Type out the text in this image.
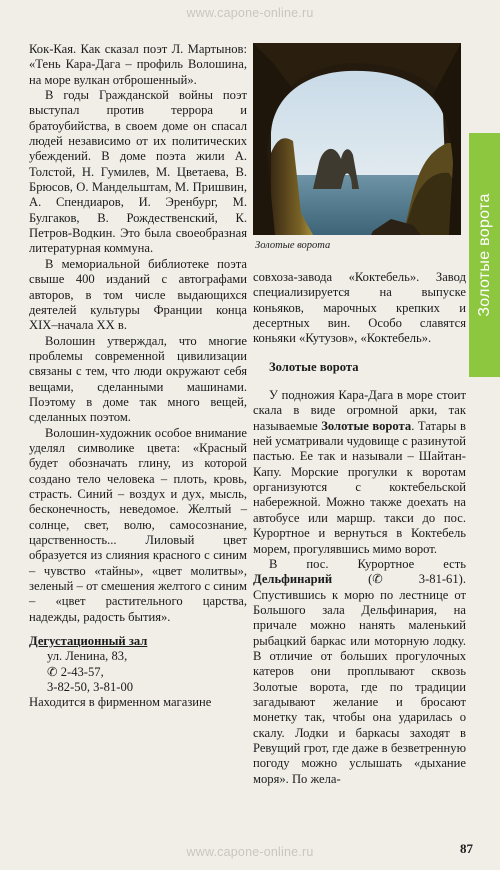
www.capone-online.ru
Золотые ворота	Золотые ворота

Кок-Кая. Как сказал поэт Л. Мартынов: «Тень Кара-Дага – профиль Волошина, на море вулкан отброшенный».

В годы Гражданской войны поэт выступал против террора и братоубийства, в своем доме он спасал людей независимо от их политических убеждений. В доме поэта жили А. Толстой, Н. Гумилев, М. Цветаева, В. Брюсов, О. Мандельштам, М. Пришвин, А. Спендиаров, И. Эренбург, М. Булгаков, В. Рождественский, К. Петров-Водкин. Это была своеобразная литературная коммуна.

В мемориальной библиотеке поэта свыше 400 изданий с автографами авторов, в том числе выдающихся деятелей культуры Франции конца XIX–начала XX в.

Волошин утверждал, что многие проблемы современной цивилизации связаны с тем, что люди окружают себя вещами, сделанными машинами. Поэтому в доме так много вещей, сделанных поэтом.

Волошин-художник особое внимание уделял символике цвета: «Красный будет обозначать глину, из которой создано тело человека – плоть, кровь, страсть. Синий – воздух и дух, мысль, бесконечность, неведомое. Желтый – солнце, свет, волю, самосознание, царственность... Лиловый цвет образуется из слияния красного с синим – чувство «тайны», «цвет молитвы», зеленый – от смешения желтого с синим – «цвет растительного царства, надежды, радость бытия».

Дегустационный зал

ул. Ленина, 83,

✆ 2-43-57,

3-82-50, 3-81-00

Находится в фирменном магазине

совхоза-завода «Коктебель». Завод специализируется на выпуске коньяков, марочных крепких и десертных вин. Особо славятся коньяки «Кутузов», «Коктебель».

Золотые ворота

У подножия Кара-Дага в море стоит скала в виде огромной арки, так называемые Золотые ворота. Татары в ней усматривали чудовище с разинутой пастью. Ее так и называли – Шайтан-Капу. Морские прогулки к воротам организуются с коктебельской набережной. Можно также доехать на автобусе или маршр. такси до пос. Курортное и вернуться в Коктебель морем, прогулявшись мимо ворот.

В пос. Курортное есть Дельфинарий (✆ 3-81-61). Спустившись к морю по лестнице от Большого зала Дельфинария, на причале можно нанять маленький рыбацкий баркас или моторную лодку. В отличие от больших прогулочных катеров они проплывают сквозь Золотые ворота, где по традиции загадывают желание и бросают монетку так, чтобы она ударилась о скалу. Лодки и баркасы заходят в Ревущий грот, где даже в безветренную погоду можно услышать «дыхание моря». По жела-

87
www.capone-online.ru
